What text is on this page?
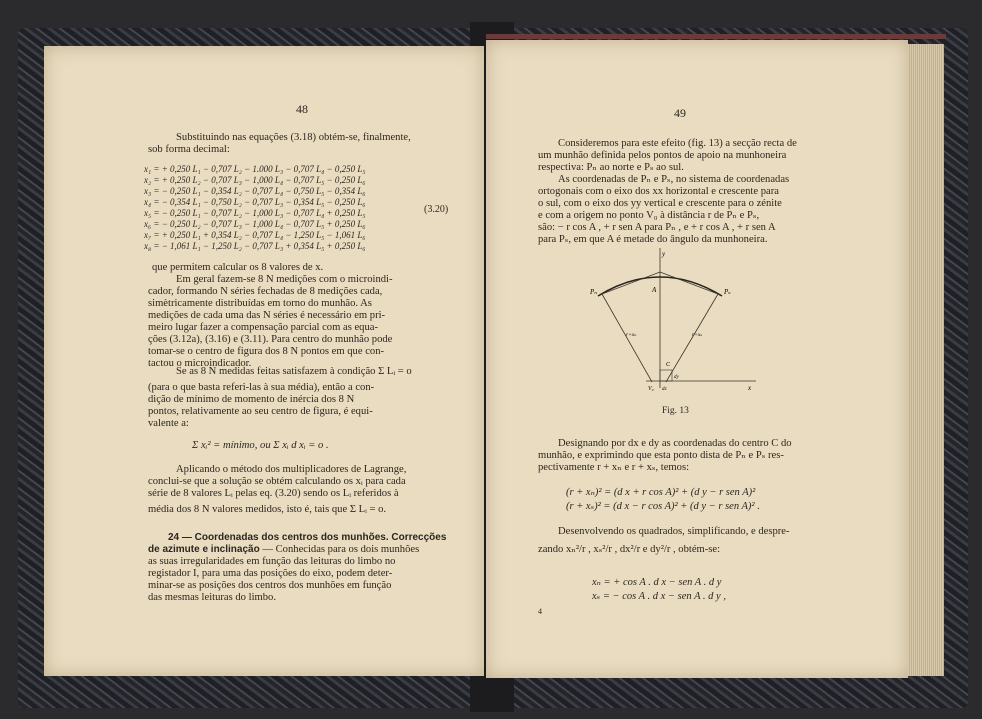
48
Substituindo nas equações (3.18) obtém-se, finalmente,
sob forma decimal:
x₁ = + 0,250 L₁ − 0,707 L₂ − 1.000 L₃ − 0,707 L₄ − 0,250 L₅
x₂ = + 0,250 L₂ − 0,707 L₃ − 1,000 L₄ − 0,707 L₅ − 0,250 L₆
x₃ = − 0,250 L₁ − 0,354 L₂ − 0,707 L₄ − 0,750 L₅ − 0,354 L₆
x₄ = − 0,354 L₁ − 0,750 L₂ − 0,707 L₃ − 0,354 L₅ − 0,250 L₆
x₅ = − 0,250 L₁ − 0,707 L₂ − 1,000 L₃ − 0,707 L₄ + 0,250 L₅
x₆ = − 0,250 L₂ − 0,707 L₃ − 1,000 L₄ − 0,707 L₅ + 0,250 L₆
x₇ = + 0,250 L₁ + 0,354 L₂ − 0,707 L₄ − 1,250 L₅ − 1,061 L₆
x₈ = − 1,061 L₁ − 1,250 L₂ − 0,707 L₃ + 0,354 L₅ + 0,250 L₆
(3.20)
que permitem calcular os 8 valores de x.
Em geral fazem-se 8 N medições com o microindi-
cador, formando N séries fechadas de 8 medições cada,
simètricamente distribuídas em torno do munhão. As
medições de cada uma das N séries é necessário em pri-
meiro lugar fazer a compensação parcial com as equa-
ções (3.12a), (3.16) e (3.11). Para centro do munhão pode
tomar-se o centro de figura dos 8 N pontos em que con-
tactou o microindicador.
Se as 8 N medidas feitas satisfazem à condição Σ Lᵢ = o
(para o que basta referi-las à sua média), então a con-
dição de mínimo de momento de inércia dos 8 N
pontos, relativamente ao seu centro de figura, é equi-
valente a:
Σ xᵢ² = mínimo, ou Σ xᵢ d xᵢ = o .
Aplicando o método dos multiplicadores de Lagrange,
conclui-se que a solução se obtém calculando os xᵢ para cada
série de 8 valores Lᵢ pelas eq. (3.20) sendo os Lᵢ referidos à
média dos 8 N valores medidos, isto é, tais que Σ Lᵢ = o.
24 — Coordenadas dos centros dos munhões. Correcções
de azimute e inclinação — Conhecidas para os dois munhões
as suas irregularidades em função das leituras do limbo no
registador I, para uma das posições do eixo, podem deter-
minar-se as posições dos centros dos munhões em função
das mesmas leituras do limbo.
49
Consideremos para este efeito (fig. 13) a secção recta de
um munhão definida pelos pontos de apoio na munhoneira
respectiva: Pₙ ao norte e Pₛ ao sul.
As coordenadas de Pₙ e Pₛ, no sistema de coordenadas
ortogonais com o eixo dos xx horizontal e crescente para
o sul, com o eixo dos yy vertical e crescente para o zénite
e com a origem no ponto V₀ à distância r de Pₙ e Pₛ,
são: − r cos A , + r sen A para Pₙ , e + r cos A , + r sen A
para Pₛ, em que A é metade do ângulo da munhoneira.
y
Pₙ	Pₛ
A
r+xₙ	r+xₛ
C
V₀ dx
dy
x
Fig. 13
Designando por dx e dy as coordenadas do centro C do
munhão, e exprimindo que esta ponto dista de Pₙ e Pₛ res-
pectivamente r + xₙ e r + xₛ, temos:
(r + xₙ)² = (d x + r cos A)² + (d y − r sen A)²
(r + xₛ)² = (d x − r cos A)² + (d y − r sen A)² .
Desenvolvendo os quadrados, simplificando, e despre-
zando xₙ²/r , xₛ²/r , dx²/r e dy²/r , obtém-se:
xₙ = + cos A . d x − sen A . d y
xₛ = − cos A . d x − sen A . d y ,
4
